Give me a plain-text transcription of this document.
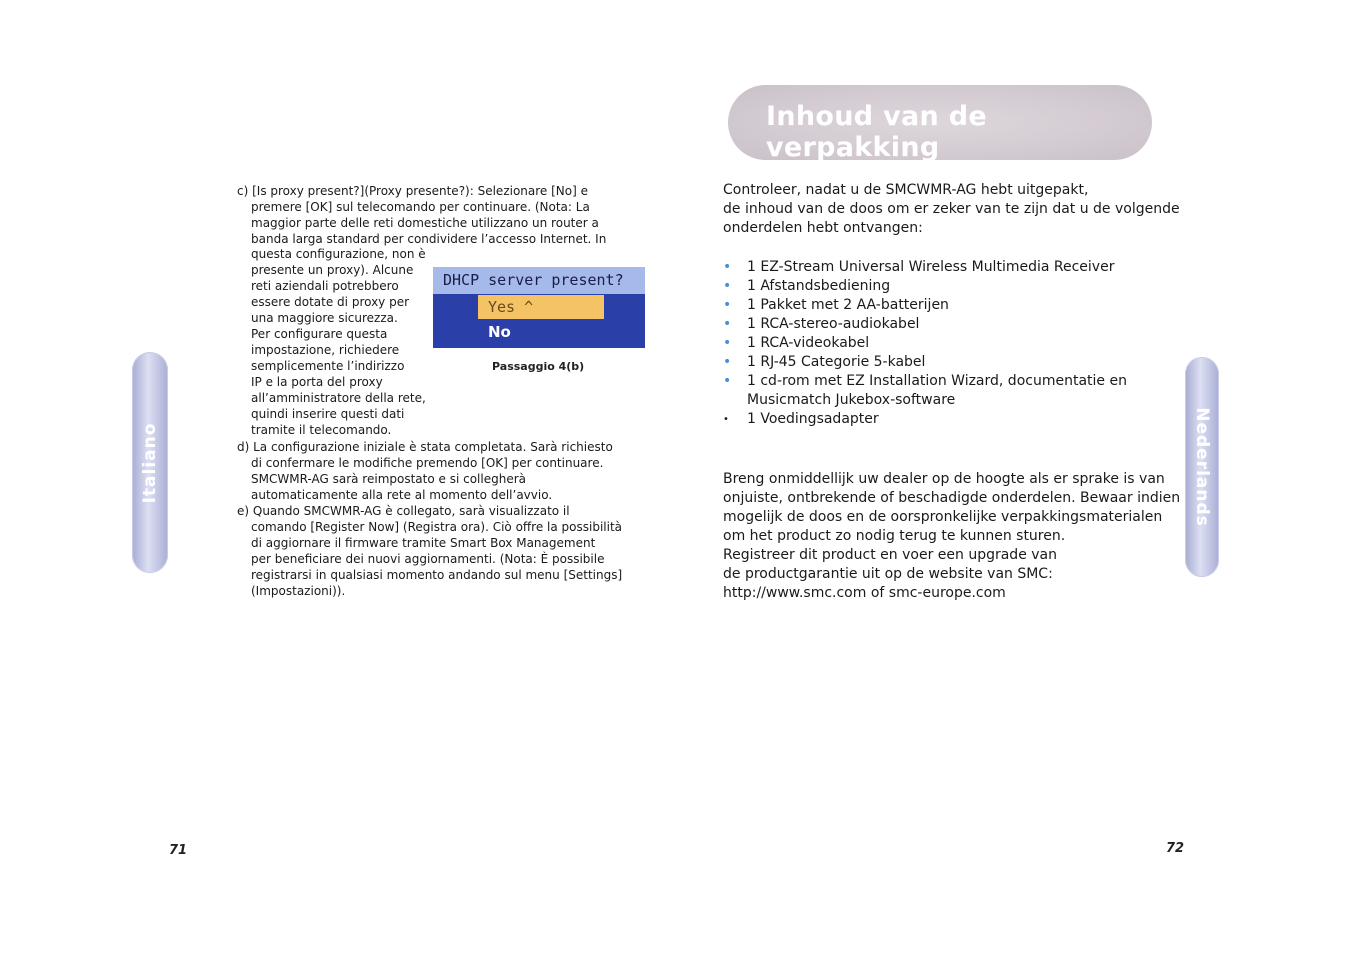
Italiano
c) [Is proxy present?](Proxy presente?): Selezionare [No] e
premere [OK] sul telecomando per continuare. (Nota: La
maggior parte delle reti domestiche utilizzano un router a
banda larga standard per condividere l’accesso Internet. In
questa configurazione, non è
presente un proxy). Alcune
reti aziendali potrebbero
essere dotate di proxy per
una maggiore sicurezza.
Per configurare questa
impostazione, richiedere
semplicemente l’indirizzo
IP e la porta del proxy
all’amministratore della rete,
quindi inserire questi dati
tramite il telecomando.
DHCP server present?
Yes ^
No
Passaggio 4(b)
d) La configurazione iniziale è stata completata. Sarà richiesto
di confermare le modifiche premendo [OK] per continuare.
SMCWMR-AG sarà reimpostato e si collegherà
automaticamente alla rete al momento dell’avvio.
e) Quando SMCWMR-AG è collegato, sarà visualizzato il
comando [Register Now] (Registra ora). Ciò offre la possibilità
di aggiornare il firmware tramite Smart Box Management
per beneficiare dei nuovi aggiornamenti. (Nota: È possibile
registrarsi in qualsiasi momento andando sul menu [Settings]
(Impostazioni)).
71
Inhoud van de verpakking
Controleer, nadat u de SMCWMR-AG hebt uitgepakt,
de inhoud van de doos om er zeker van te zijn dat u de volgende
onderdelen hebt ontvangen:
• 1 EZ-Stream Universal Wireless Multimedia Receiver
• 1 Afstandsbediening
• 1 Pakket met 2 AA-batterijen
• 1 RCA-stereo-audiokabel
• 1 RCA-videokabel
• 1 RJ-45 Categorie 5-kabel
• 1 cd-rom met EZ Installation Wizard, documentatie en
Musicmatch Jukebox-software
• 1 Voedingsadapter
Breng onmiddellijk uw dealer op de hoogte als er sprake is van
onjuiste, ontbrekende of beschadigde onderdelen. Bewaar indien
mogelijk de doos en de oorspronkelijke verpakkingsmaterialen
om het product zo nodig terug te kunnen sturen.
Registreer dit product en voer een upgrade van
de productgarantie uit op de website van SMC:
http://www.smc.com of smc-europe.com
Nederlands
72
